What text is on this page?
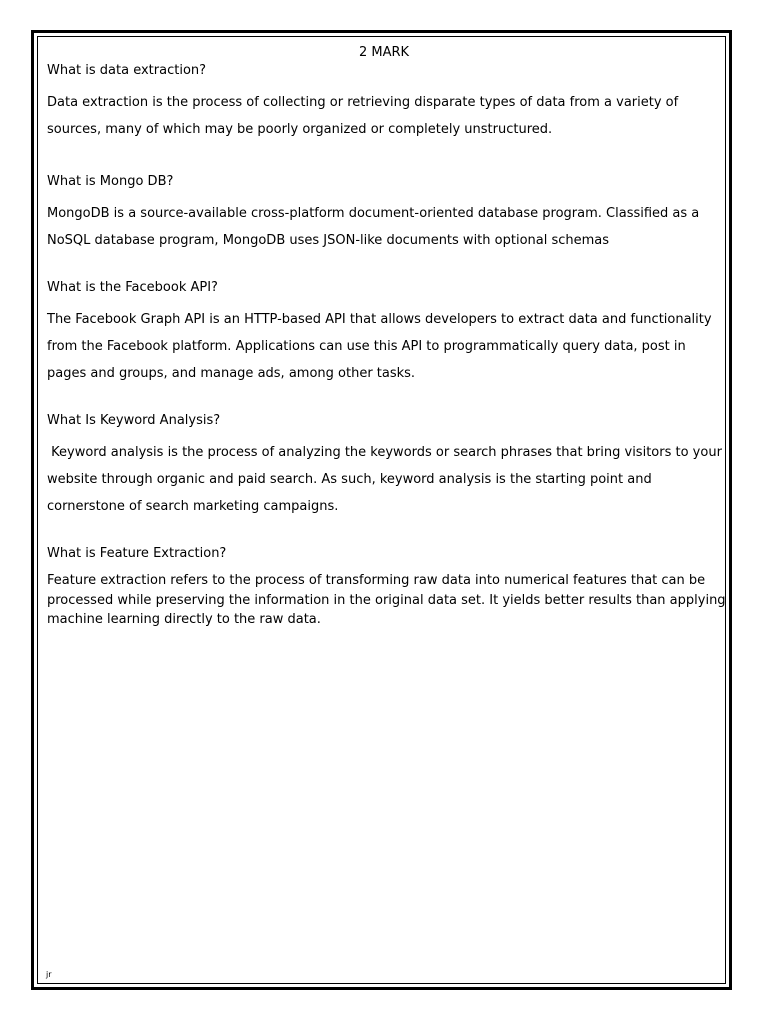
2 MARK

What is data extraction?

Data extraction is the process of collecting or retrieving disparate types of data from a variety of sources, many of which may be poorly organized or completely unstructured.

What is Mongo DB?

MongoDB is a source-available cross-platform document-oriented database program. Classified as a NoSQL database program, MongoDB uses JSON-like documents with optional schemas

What is the Facebook API?

The Facebook Graph API is an HTTP-based API that allows developers to extract data and functionality from the Facebook platform. Applications can use this API to programmatically query data, post in pages and groups, and manage ads, among other tasks.

What Is Keyword Analysis?

Keyword analysis is the process of analyzing the keywords or search phrases that bring visitors to your website through organic and paid search. As such, keyword analysis is the starting point and cornerstone of search marketing campaigns.

What is Feature Extraction?

Feature extraction refers to the process of transforming raw data into numerical features that can be processed while preserving the information in the original data set. It yields better results than applying machine learning directly to the raw data.

jr
